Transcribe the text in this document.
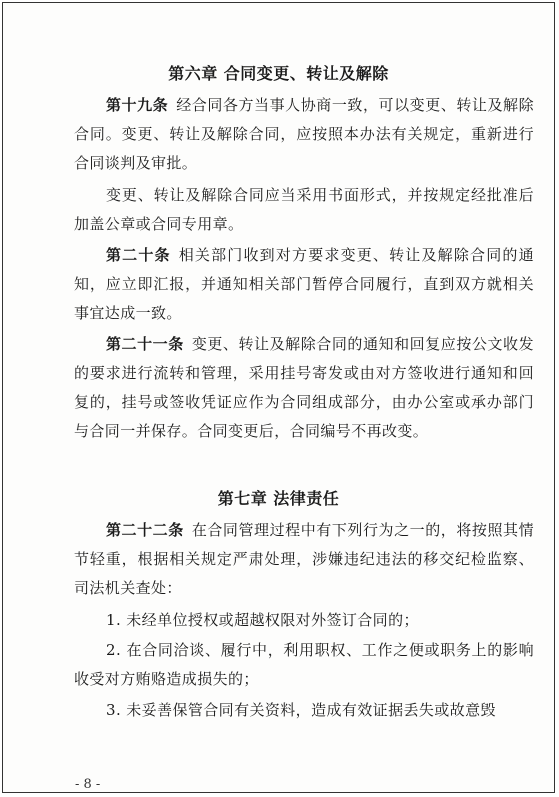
第六章 合同变更、转让及解除
第十九条 经合同各方当事人协商一致，可以变更、转让及解除合同。变更、转让及解除合同，应按照本办法有关规定，重新进行合同谈判及审批。
变更、转让及解除合同应当采用书面形式，并按规定经批准后加盖公章或合同专用章。
第二十条 相关部门收到对方要求变更、转让及解除合同的通知，应立即汇报，并通知相关部门暂停合同履行，直到双方就相关事宜达成一致。
第二十一条 变更、转让及解除合同的通知和回复应按公文收发的要求进行流转和管理，采用挂号寄发或由对方签收进行通知和回复的，挂号或签收凭证应作为合同组成部分，由办公室或承办部门与合同一并保存。合同变更后，合同编号不再改变。
第七章 法律责任
第二十二条 在合同管理过程中有下列行为之一的，将按照其情节轻重，根据相关规定严肃处理，涉嫌违纪违法的移交纪检监察、司法机关查处：
1. 未经单位授权或超越权限对外签订合同的；
2. 在合同洽谈、履行中，利用职权、工作之便或职务上的影响收受对方贿赂造成损失的；
3. 未妥善保管合同有关资料，造成有效证据丢失或故意毁
- 8 -
